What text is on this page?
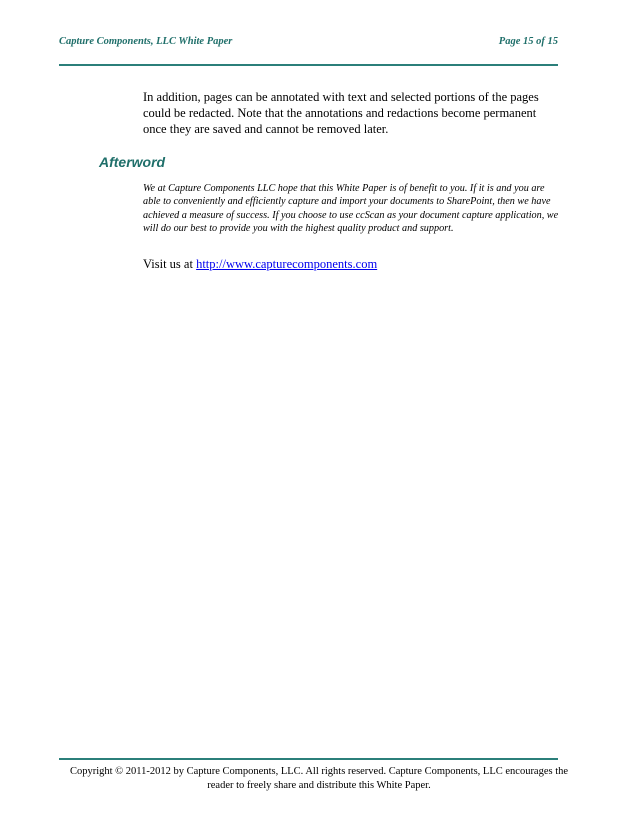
Capture Components, LLC White Paper	Page 15 of 15

In addition, pages can be annotated with text and selected portions of the pages could be redacted. Note that the annotations and redactions become permanent once they are saved and cannot be removed later.

Afterword

We at Capture Components LLC hope that this White Paper is of benefit to you. If it is and you are able to conveniently and efficiently capture and import your documents to SharePoint, then we have achieved a measure of success. If you choose to use ccScan as your document capture application, we will do our best to provide you with the highest quality product and support.

Visit us at http://www.capturecomponents.com
Copyright © 2011-2012 by Capture Components, LLC. All rights reserved. Capture Components, LLC encourages the reader to freely share and distribute this White Paper.
